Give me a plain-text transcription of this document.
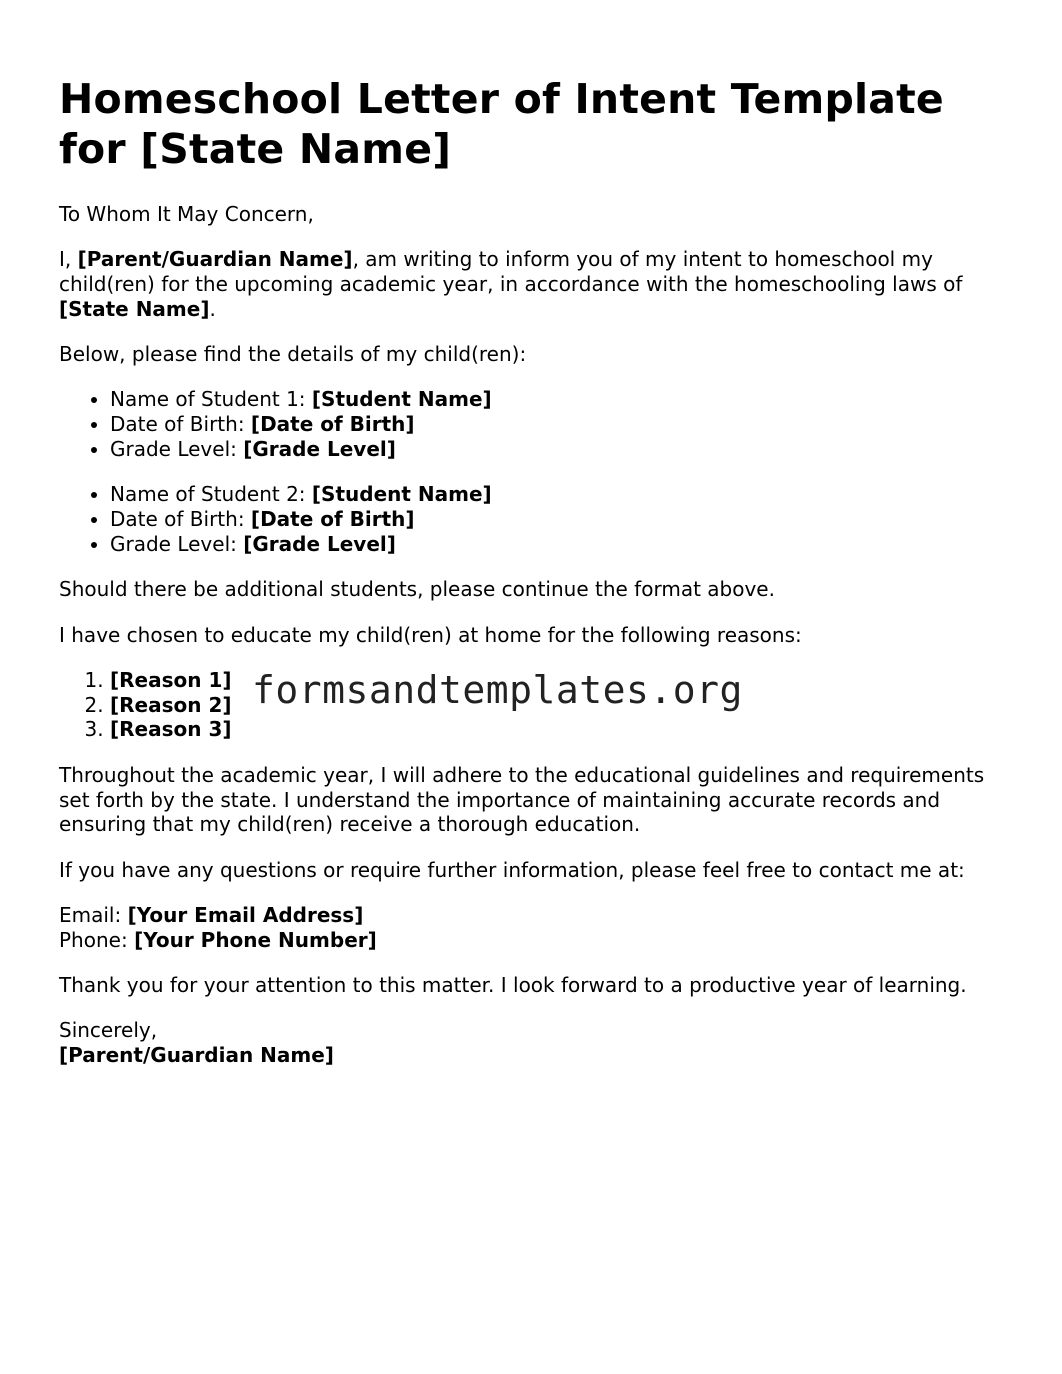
Homeschool Letter of Intent Template for [State Name]

To Whom It May Concern,

I, [Parent/Guardian Name], am writing to inform you of my intent to homeschool my child(ren) for the upcoming academic year, in accordance with the homeschooling laws of [State Name].

Below, please find the details of my child(ren):

• Name of Student 1: [Student Name]
• Date of Birth: [Date of Birth]
• Grade Level: [Grade Level]
• Name of Student 2: [Student Name]
• Date of Birth: [Date of Birth]
• Grade Level: [Grade Level]

Should there be additional students, please continue the format above.

I have chosen to educate my child(ren) at home for the following reasons:

1. [Reason 1]
2. [Reason 2]
3. [Reason 3]

Throughout the academic year, I will adhere to the educational guidelines and requirements set forth by the state. I understand the importance of maintaining accurate records and ensuring that my child(ren) receive a thorough education.

If you have any questions or require further information, please feel free to contact me at:

Email: [Your Email Address]
Phone: [Your Phone Number]

Thank you for your attention to this matter. I look forward to a productive year of learning.

Sincerely,
[Parent/Guardian Name]

formsandtemplates.org
